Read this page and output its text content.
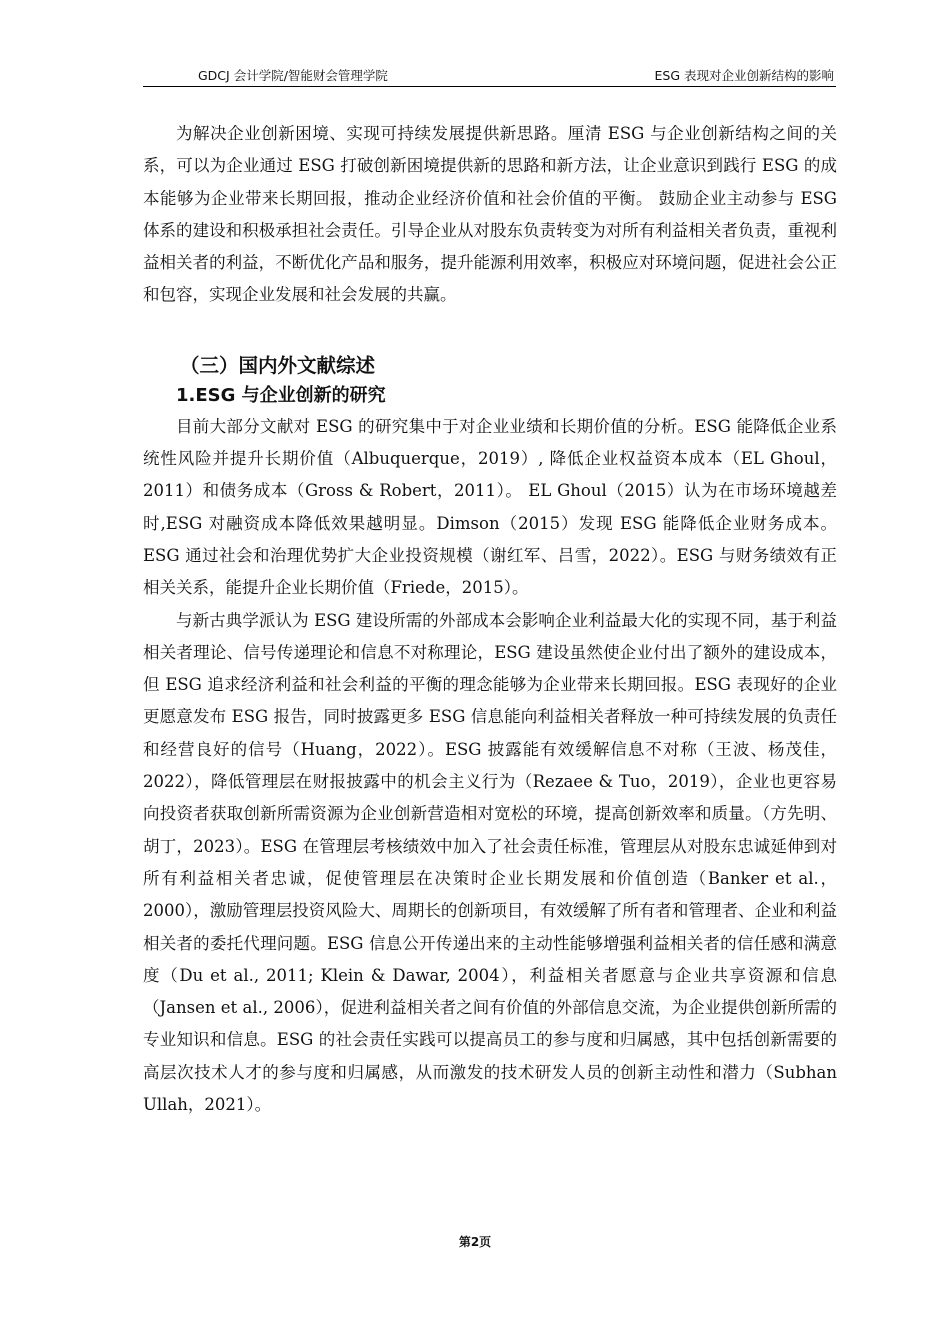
GDCJ 会计学院/智能财会管理学院	ESG 表现对企业创新结构的影响

为解决企业创新困境、实现可持续发展提供新思路。厘清 ESG 与企业创新结构之间的关系，可以为企业通过 ESG 打破创新困境提供新的思路和新方法，让企业意识到践行 ESG 的成本能够为企业带来长期回报，推动企业经济价值和社会价值的平衡。 鼓励企业主动参与 ESG 体系的建设和积极承担社会责任。引导企业从对股东负责转变为对所有利益相关者负责，重视利益相关者的利益，不断优化产品和服务，提升能源利用效率，积极应对环境问题，促进社会公正和包容，实现企业发展和社会发展的共赢。

（三）国内外文献综述
1.ESG 与企业创新的研究

目前大部分文献对 ESG 的研究集中于对企业业绩和长期价值的分析。ESG 能降低企业系统性风险并提升长期价值（Albuquerque，2019）, 降低企业权益资本成本（EL Ghoul，2011）和债务成本（Gross & Robert，2011）。 EL Ghoul（2015）认为在市场环境越差时,ESG 对融资成本降低效果越明显。Dimson（2015）发现 ESG 能降低企业财务成本。ESG 通过社会和治理优势扩大企业投资规模（谢红军、吕雪，2022）。ESG 与财务绩效有正相关关系，能提升企业长期价值（Friede，2015）。

与新古典学派认为 ESG 建设所需的外部成本会影响企业利益最大化的实现不同，基于利益相关者理论、信号传递理论和信息不对称理论，ESG 建设虽然使企业付出了额外的建设成本，但 ESG 追求经济利益和社会利益的平衡的理念能够为企业带来长期回报。ESG 表现好的企业更愿意发布 ESG 报告，同时披露更多 ESG 信息能向利益相关者释放一种可持续发展的负责任和经营良好的信号（Huang，2022）。ESG 披露能有效缓解信息不对称（王波、杨茂佳，2022），降低管理层在财报披露中的机会主义行为（Rezaee & Tuo，2019），企业也更容易向投资者获取创新所需资源为企业创新营造相对宽松的环境，提高创新效率和质量。（方先明、胡丁，2023）。ESG 在管理层考核绩效中加入了社会责任标准，管理层从对股东忠诚延伸到对所有利益相关者忠诚，促使管理层在决策时企业长期发展和价值创造（Banker et al.，2000），激励管理层投资风险大、周期长的创新项目，有效缓解了所有者和管理者、企业和利益相关者的委托代理问题。ESG 信息公开传递出来的主动性能够增强利益相关者的信任感和满意度（Du et al., 2011; Klein & Dawar, 2004），利益相关者愿意与企业共享资源和信息（Jansen et al., 2006），促进利益相关者之间有价值的外部信息交流，为企业提供创新所需的专业知识和信息。ESG 的社会责任实践可以提高员工的参与度和归属感，其中包括创新需要的高层次技术人才的参与度和归属感，从而激发的技术研发人员的创新主动性和潜力（Subhan Ullah，2021）。

第2页
